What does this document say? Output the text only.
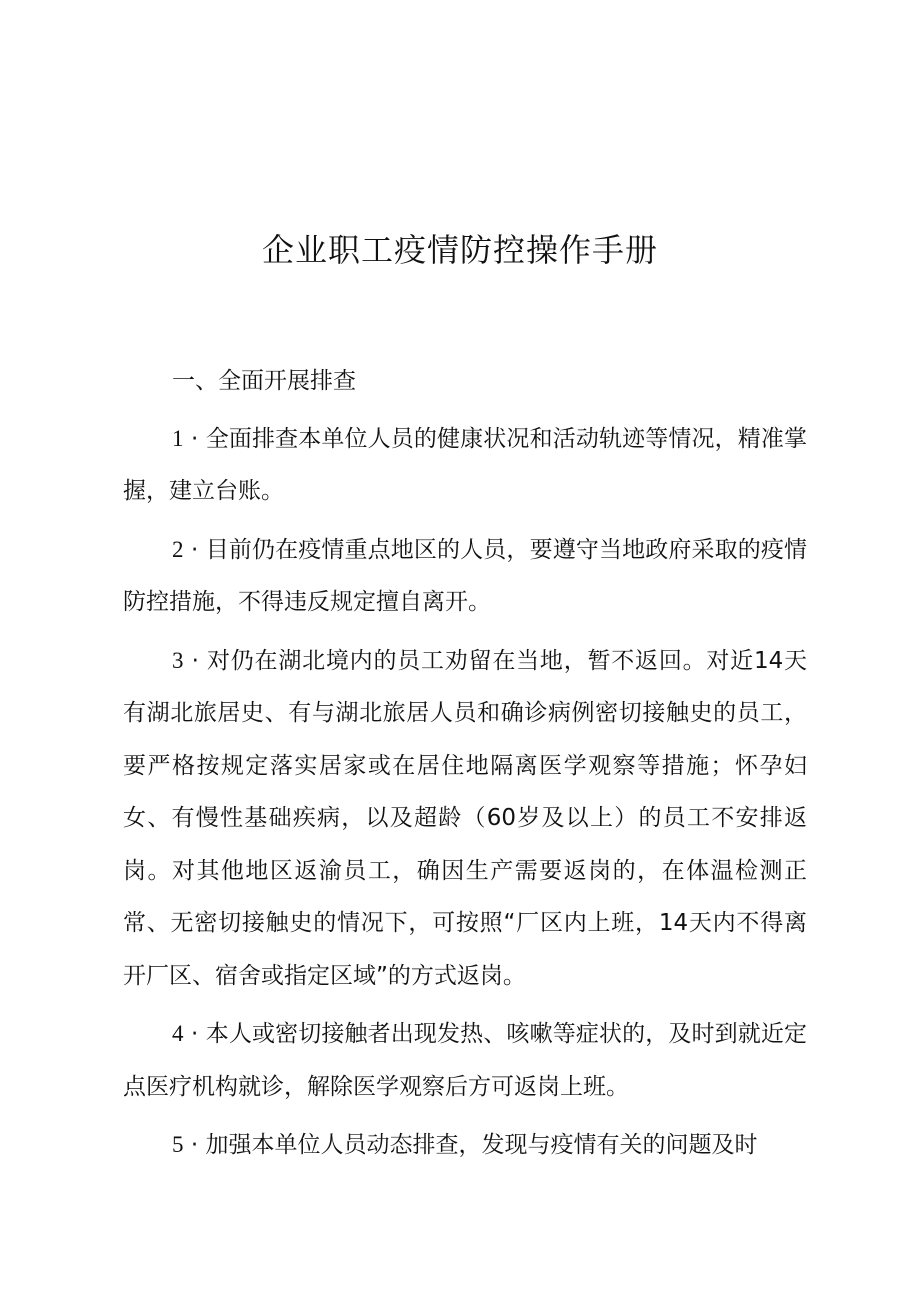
企业职工疫情防控操作手册
一、全面开展排查

1 · 全面排查本单位人员的健康状况和活动轨迹等情况，精准掌握，建立台账。

2 · 目前仍在疫情重点地区的人员，要遵守当地政府采取的疫情防控措施，不得违反规定擅自离开。

3 · 对仍在湖北境内的员工劝留在当地，暂不返回。对近14天有湖北旅居史、有与湖北旅居人员和确诊病例密切接触史的员工，要严格按规定落实居家或在居住地隔离医学观察等措施；怀孕妇女、有慢性基础疾病，以及超龄（60岁及以上）的员工不安排返岗。对其他地区返渝员工，确因生产需要返岗的，在体温检测正常、无密切接触史的情况下，可按照“厂区内上班，14天内不得离开厂区、宿舍或指定区域”的方式返岗。

4 · 本人或密切接触者出现发热、咳嗽等症状的，及时到就近定点医疗机构就诊，解除医学观察后方可返岗上班。

5 · 加强本单位人员动态排查，发现与疫情有关的问题及时
